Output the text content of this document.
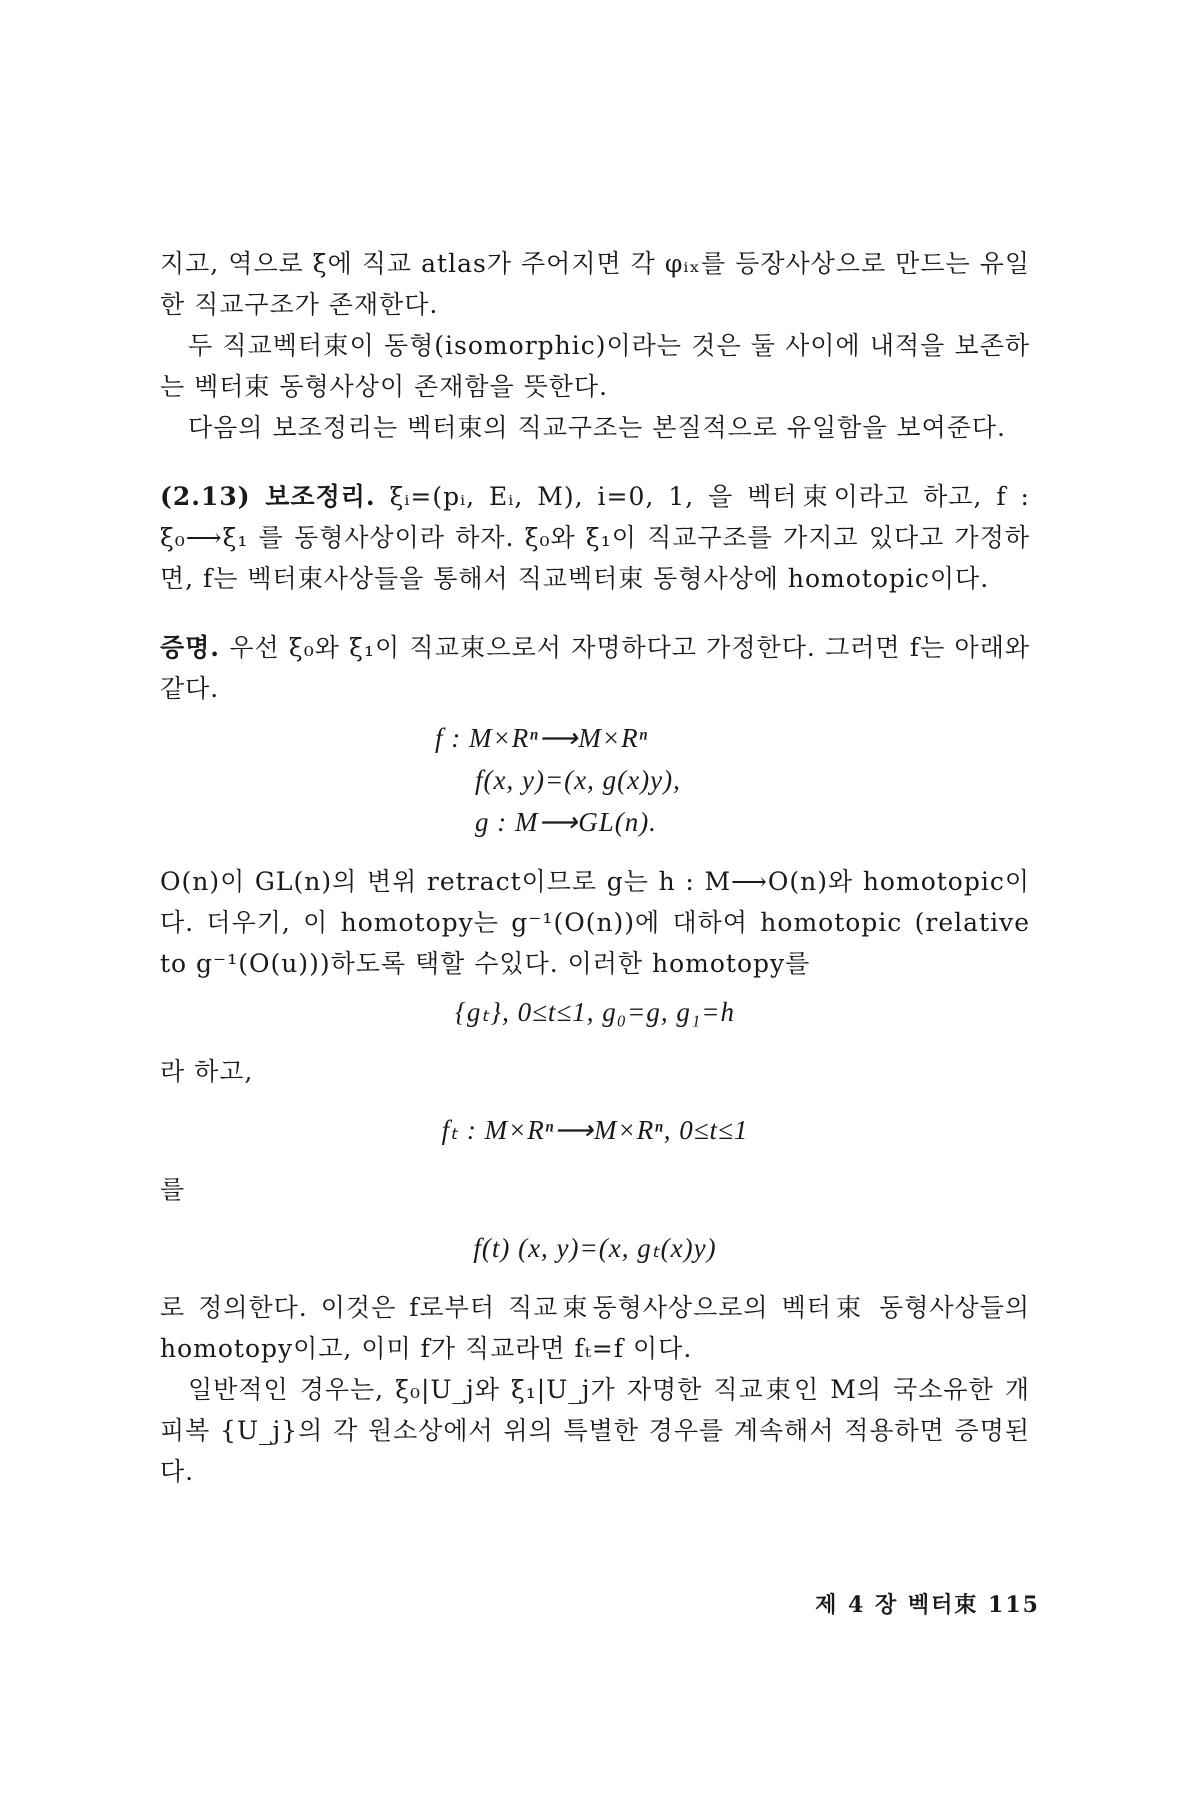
지고, 역으로 ξ에 직교 atlas가 주어지면 각 φᵢₓ를 등장사상으로 만드는 유일한 직교구조가 존재한다.

두 직교벡터束이 동형(isomorphic)이라는 것은 둘 사이에 내적을 보존하는 벡터束 동형사상이 존재함을 뜻한다.

다음의 보조정리는 벡터束의 직교구조는 본질적으로 유일함을 보여준다.

(2.13) 보조정리. ξᵢ=(pᵢ, Eᵢ, M), i=0, 1, 을 벡터束이라고 하고, f : ξ₀⟶ξ₁ 를 동형사상이라 하자. ξ₀와 ξ₁이 직교구조를 가지고 있다고 가정하면, f는 벡터束사상들을 통해서 직교벡터束 동형사상에 homotopic이다.

증명. 우선 ξ₀와 ξ₁이 직교束으로서 자명하다고 가정한다. 그러면 f는 아래와 같다.

f : M×Rⁿ⟶M×Rⁿ
f(x, y)=(x, g(x)y),
g : M⟶GL(n).

O(n)이 GL(n)의 변위 retract이므로 g는 h : M⟶O(n)와 homotopic이다. 더우기, 이 homotopy는 g⁻¹(O(n))에 대하여 homotopic (relative to g⁻¹(O(u)))하도록 택할 수있다. 이러한 homotopy를

{gₜ}, 0≤t≤1, g₀=g, g₁=h

라 하고,

fₜ : M×Rⁿ⟶M×Rⁿ, 0≤t≤1

를

f(t) (x, y)=(x, gₜ(x)y)

로 정의한다. 이것은 f로부터 직교束동형사상으로의 벡터束 동형사상들의 homotopy이고, 이미 f가 직교라면 fₜ=f 이다.

일반적인 경우는, ξ₀|U_j와 ξ₁|U_j가 자명한 직교束인 M의 국소유한 개피복 {U_j}의 각 원소상에서 위의 특별한 경우를 계속해서 적용하면 증명된다.

제 4 장 벡터束 115
